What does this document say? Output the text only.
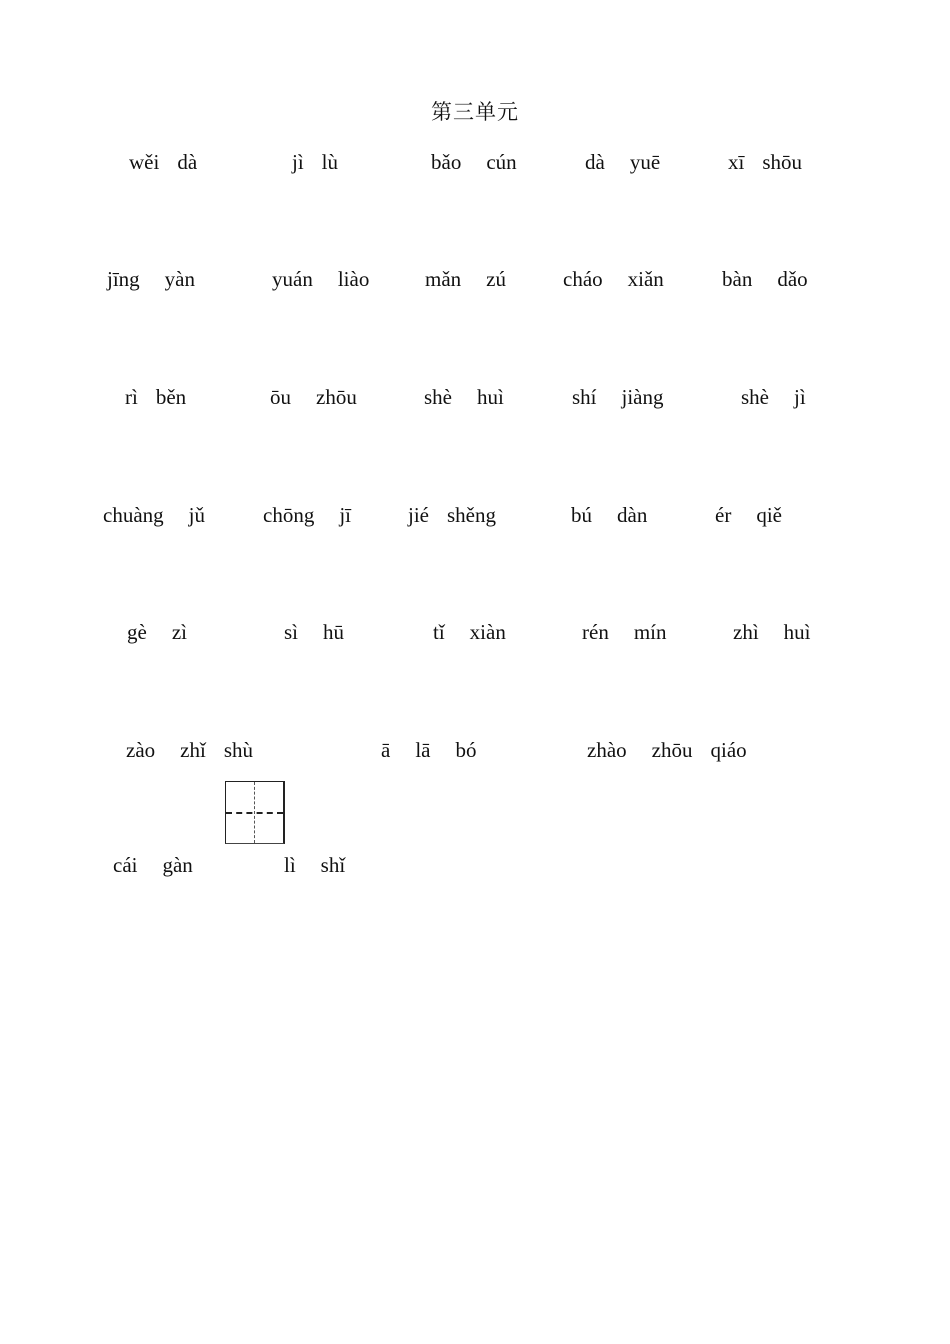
第三单元
wěi dà	jì lù	bǎo cún	dà yuē	xī shōu
jīng yàn	yuán liào	mǎn zú	cháo xiǎn	bàn dǎo
rì běn	ōu zhōu	shè huì	shí jiàng	shè jì
chuàng jǔ	chōng jī	jié shěng	bú dàn	ér qiě
gè zì	sì hū	tǐ xiàn	rén mín	zhì huì
zào zhǐ shù	ā lā bó	zhào zhōu qiáo
cái gàn	lì shǐ
